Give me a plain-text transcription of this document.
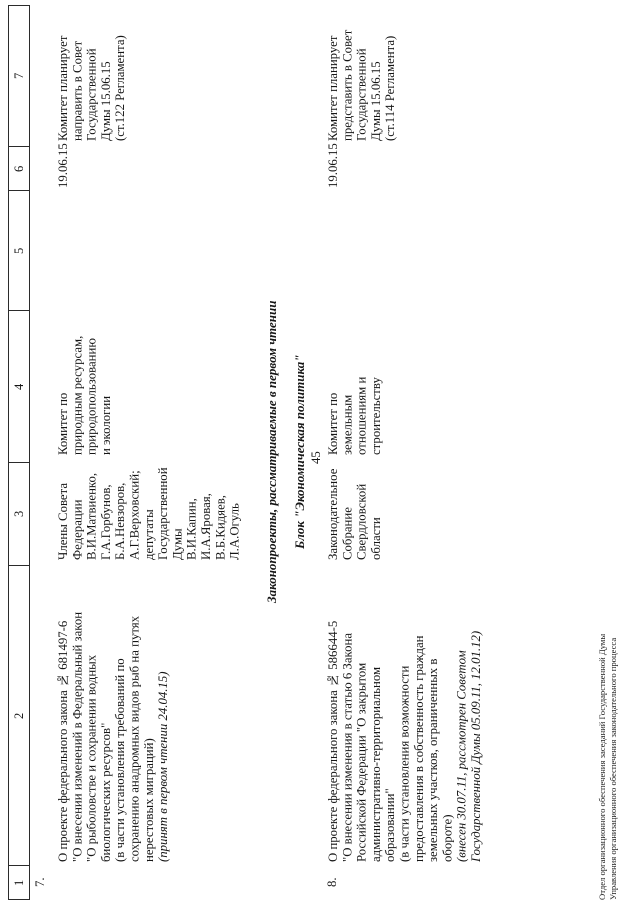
7
6
5
4
3
2
1 7.
О проекте федерального закона № 681497-6 "О внесении изменений в Федеральный закон "О рыболовстве и сохранении водных биологических ресурсов" (в части установления требований по сохранению анадромных видов рыб на путях нерестовых миграций) (принят в первом чтении 24.04.15)
Члены Совета Федерации В.И.Матвиенко, Г.А.Горбунов, Б.А.Невзоров, А.Г.Верховский; депутаты Государственной Думы В.И.Капин, И.А.Яровая, В.Б.Кидяев, Л.А.Огуль
Комитет по природным ресурсам, природопользованию и экологии
19.06.15
Комитет планирует направить в Совет Государственной Думы 15.06.15 (ст.122 Регламента)
Законопроекты, рассматриваемые в первом чтении Блок "Экономическая политика" 45
8.
О проекте федерального закона № 586644-5 "О внесении изменения в статью 6 Закона Российской Федерации "О закрытом административно-территориальном образовании" (в части установления возможности предоставления в собственность граждан земельных участков, ограниченных в обороте) (внесен 30.07.11, рассмотрен Советом Государственной Думы 05.09.11, 12.01.12)
Законодательное Собрание Свердловской области
Комитет по земельным отношениям и строительству
19.06.15
Комитет планирует представить в Совет Государственной Думы 15.06.15 (ст.114 Регламента)
Отдел организационного обеспечения заседаний Государственной Думы Управления организационного обеспечения законодательного процесса
